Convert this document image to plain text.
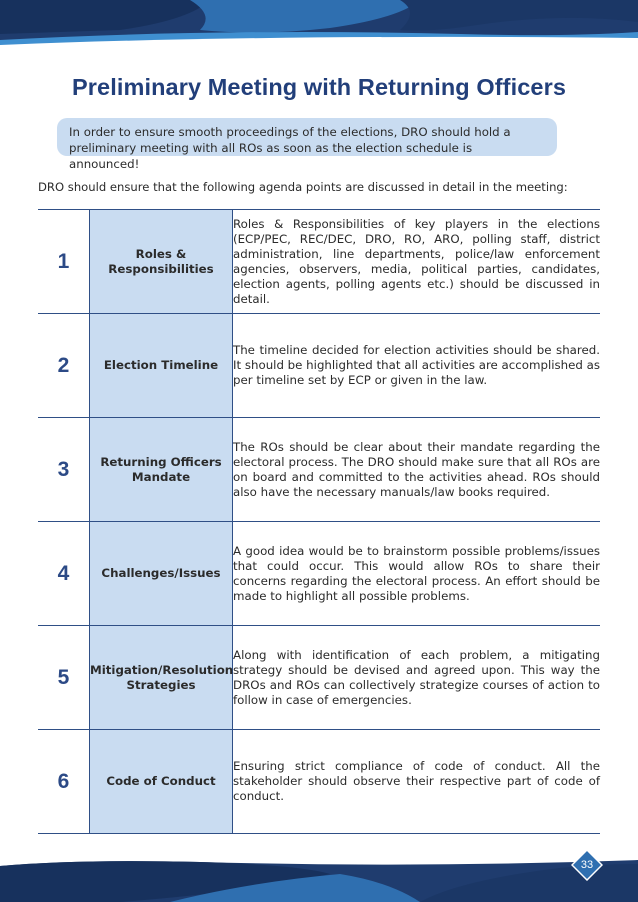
Preliminary Meeting with Returning Officers
In order to ensure smooth proceedings of the elections, DRO should hold a preliminary meeting with all ROs as soon as the election schedule is announced!
DRO should ensure that the following agenda points are discussed in detail in the meeting:
1	Roles & Responsibilities	Roles & Responsibilities of key players in the elections (ECP/PEC, REC/DEC, DRO, RO, ARO, polling staff, district administration, line departments, police/law enforcement agencies, observers, media, political parties, candidates, election agents, polling agents etc.) should be discussed in detail.

2	Election Timeline	The timeline decided for election activities should be shared. It should be highlighted that all activities are accomplished as per timeline set by ECP or given in the law.

3	Returning Officers Mandate	The ROs should be clear about their mandate regarding the electoral process. The DRO should make sure that all ROs are on board and committed to the activities ahead. ROs should also have the necessary manuals/law books required.

4	Challenges/Issues	A good idea would be to brainstorm possible problems/issues that could occur. This would allow ROs to share their concerns regarding the electoral process. An effort should be made to highlight all possible problems.

5	Mitigation/Resolution Strategies	Along with identification of each problem, a mitigating strategy should be devised and agreed upon. This way the DROs and ROs can collectively strategize courses of action to follow in case of emergencies.

6	Code of Conduct	Ensuring strict compliance of code of conduct. All the stakeholder should observe their respective part of code of conduct.
33
